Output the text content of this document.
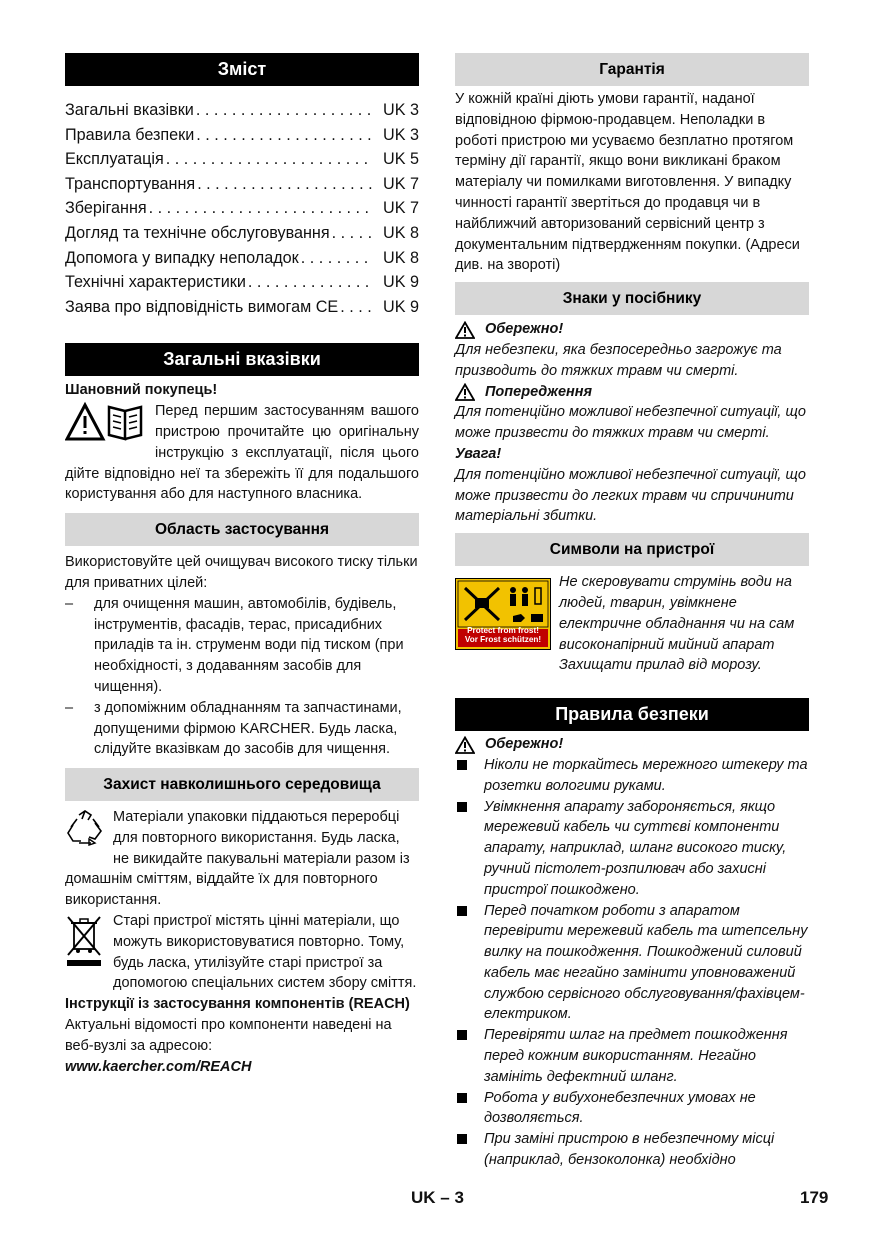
Зміст
Загальні вказівки . . .	UK 3
Правила безпеки . . .	UK 3
Експлуатація . . .	UK 5
Транспортування . . .	UK 7
Зберігання . . .	UK 7
Догляд та технічне обслуговування . . .	UK 8
Допомога у випадку неполадок . . .	UK 8
Технічні характеристики . . .	UK 9
Заява про відповідність вимогам CE . . .	UK 9
Загальні вказівки

Шановний покупець!

Перед першим застосуванням вашого пристрою прочитайте цю оригінальну інструкцію з експлуатації, після цього дійте відповідно неї та збережіть її для подальшого користування або для наступного власника.

Область застосування

Використовуйте цей очищувач високого тиску тільки для приватних цілей:

– для очищення машин, автомобілів, будівель, інструментів, фасадів, терас, присадибних приладів та ін. струменм води під тиском (при необхідності, з додаванням засобів для чищення).
– з допоміжним обладнанням та запчастинами, допущеними фірмою KARCHER. Будь ласка, слідуйте вказівкам до засобів для чищення.
Захист навколишнього середовища

Матеріали упаковки піддаються переробці для повторного використання. Будь ласка, не викидайте пакувальні матеріали разом із домашнім сміттям, віддайте їх для повторного використання.

Старі пристрої містять цінні матеріали, що можуть використовуватися повторно. Тому, будь ласка, утилізуйте старі пристрої за допомогою спеціальних систем збору сміття.

Інструкції із застосування компонентів (REACH)

Актуальні відомості про компоненти наведені на веб-вузлі за адресою:

www.kaercher.com/REACH

Гарантія

У кожній країні діють умови гарантії, наданої відповідною фірмою-продавцем. Неполадки в роботі пристрою ми усуваємо безплатно протягом терміну дії гарантії, якщо вони викликані браком матеріалу чи помилками виготовлення. У випадку чинності гарантії звертіться до продавця чи в найближчий авторизований сервісний центр з документальним підтвердженням покупки. (Адреси див. на звороті)

Знаки у посібнику
Обережно!

Для небезпеки, яка безпосередньо загрожує та призводить до тяжких травм чи смерті.

Попередження

Для потенційно можливої небезпечної ситуації, що може призвести до тяжких травм чи смерті.

Увага!

Для потенційно можливої небезпечної ситуації, що може призвести до легких травм чи спричинити матеріальні збитки.

Символи на пристрої

Не скеровувати струмінь води на людей, тварин, увімкнене електричне обладнання чи на сам високонапірний мийний апарат

Захищати прилад від морозу.

Protect from frost!
Vor Frost schützen!
Правила безпеки
Обережно!
Ніколи не торкайтесь мережного штекеру та розетки вологими руками.
Увімкнення апарату забороняється, якщо мережевий кабель чи суттєві компоненти апарату, наприклад, шланг високого тиску, ручний пістолет-розпилювач або захисні пристрої пошкоджено.
Перед початком роботи з апаратом перевірити мережевий кабель та штепсельну вилку на пошкодження. Пошкоджений силовий кабель має негайно замінити уповноважений службою сервісного обслуговування/фахівцем-електриком.
Перевіряти шлаг на предмет пошкодження перед кожним використанням. Негайно замініть дефектний шланг.
Робота у вибухонебезпечних умовах не дозволяється.
При заміні пристрою в небезпечному місці (наприклад, бензоколонка) необхідно
UK – 3	179
